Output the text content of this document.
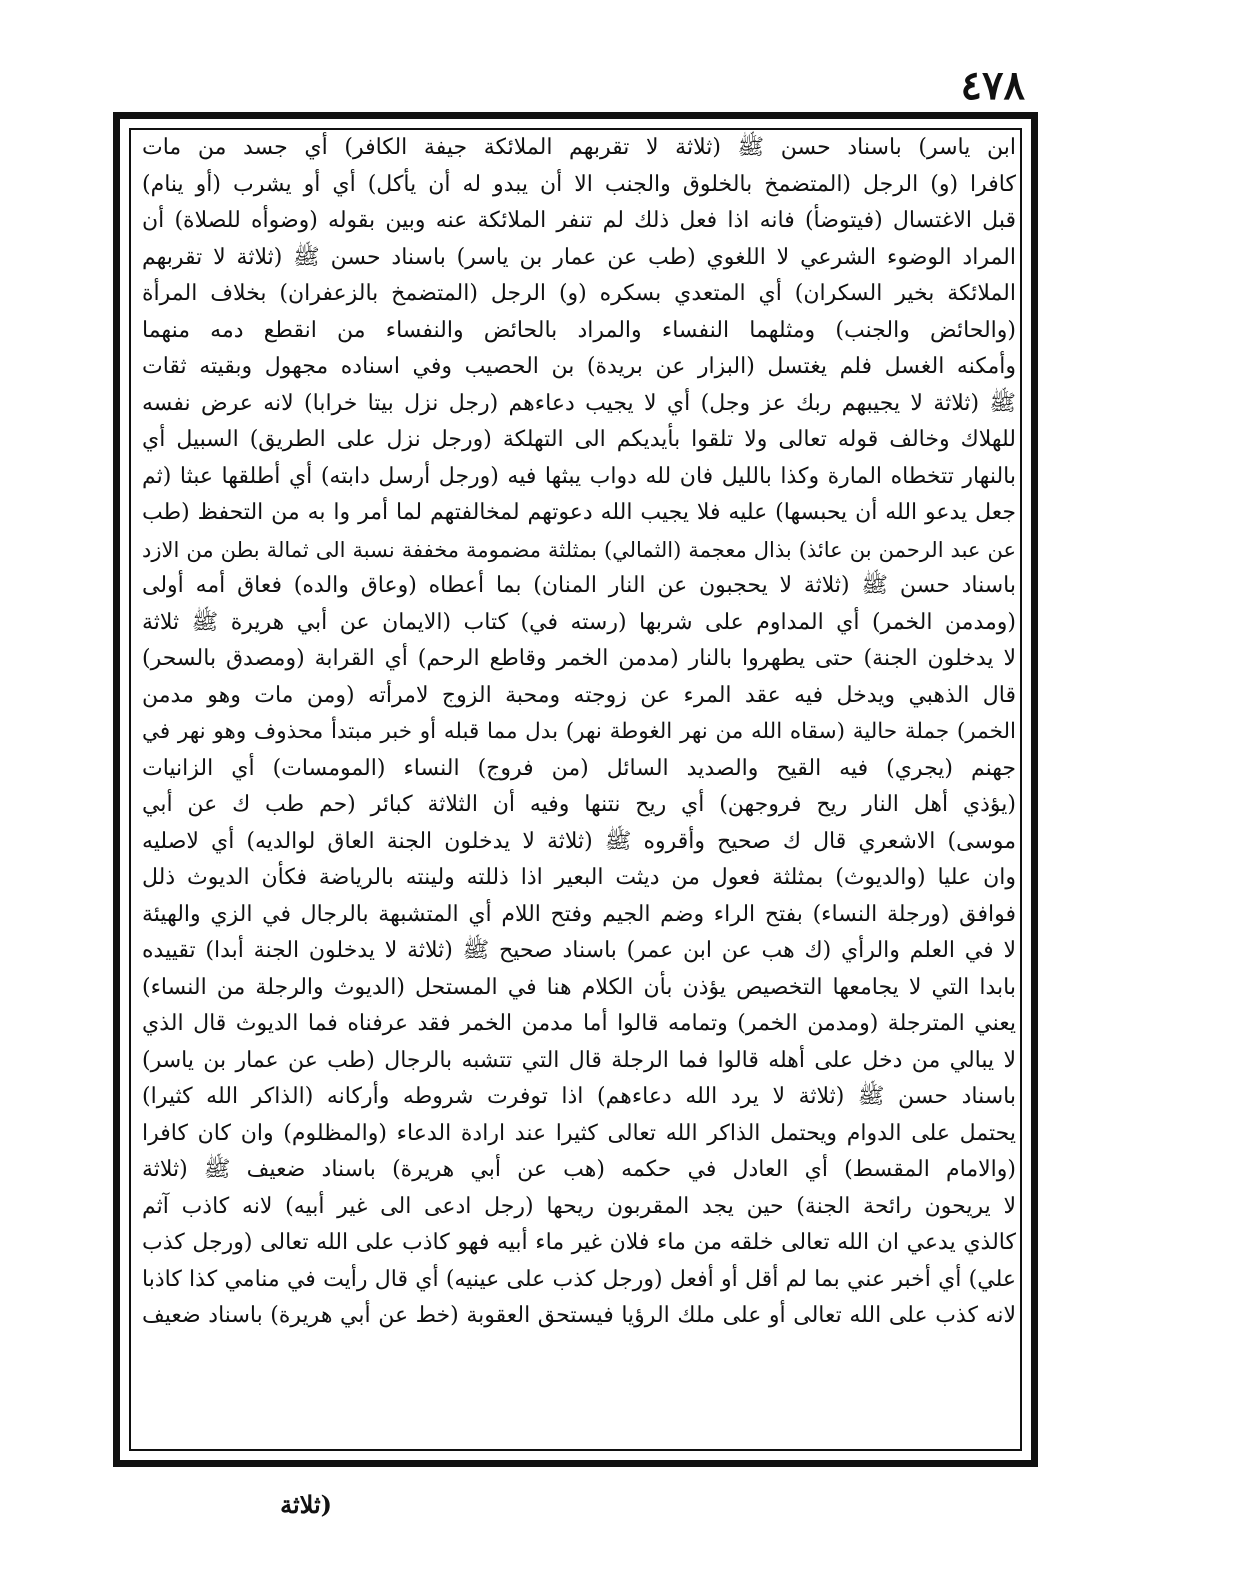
٤٧٨
ابن ياسر) باسناد حسن ﷺ (ثلاثة لا تقربهم الملائكة جيفة الكافر) أي جسد من مات
كافرا (و) الرجل (المتضمخ بالخلوق والجنب الا أن يبدو له أن يأكل) أي أو يشرب (أو ينام)
قبل الاغتسال (فيتوضأ) فانه اذا فعل ذلك لم تنفر الملائكة عنه وبين بقوله (وضوأه للصلاة) أن
المراد الوضوء الشرعي لا اللغوي (طب عن عمار بن ياسر) باسناد حسن ﷺ (ثلاثة لا تقربهم
الملائكة بخير السكران) أي المتعدي بسكره (و) الرجل (المتضمخ بالزعفران) بخلاف المرأة
(والحائض والجنب) ومثلهما النفساء والمراد بالحائض والنفساء من انقطع دمه منهما
وأمكنه الغسل فلم يغتسل (البزار عن بريدة) بن الحصيب وفي اسناده مجهول وبقيته ثقات
ﷺ (ثلاثة لا يجيبهم ربك عز وجل) أي لا يجيب دعاءهم (رجل نزل بيتا خرابا) لانه عرض نفسه
للهلاك وخالف قوله تعالى ولا تلقوا بأيديكم الى التهلكة (ورجل نزل على الطريق) السبيل أي
بالنهار تتخطاه المارة وكذا بالليل فان لله دواب يبثها فيه (ورجل أرسل دابته) أي أطلقها عبثا (ثم
جعل يدعو الله أن يحبسها) عليه فلا يجيب الله دعوتهم لمخالفتهم لما أمر وا به من التحفظ (طب
عن عبد الرحمن بن عائذ) بذال معجمة (الثمالي) بمثلثة مضمومة مخففة نسبة الى ثمالة بطن من الازد
باسناد حسن ﷺ (ثلاثة لا يحجبون عن النار المنان) بما أعطاه (وعاق والده) فعاق أمه أولى
(ومدمن الخمر) أي المداوم على شربها (رسته في) كتاب (الايمان عن أبي هريرة ﷺ ثلاثة
لا يدخلون الجنة) حتى يطهروا بالنار (مدمن الخمر وقاطع الرحم) أي القرابة (ومصدق بالسحر)
قال الذهبي ويدخل فيه عقد المرء عن زوجته ومحبة الزوج لامرأته (ومن مات وهو مدمن
الخمر) جملة حالية (سقاه الله من نهر الغوطة نهر) بدل مما قبله أو خبر مبتدأ محذوف وهو نهر في
جهنم (يجري) فيه القيح والصديد السائل (من فروج) النساء (المومسات) أي الزانيات
(يؤذي أهل النار ريح فروجهن) أي ريح نتنها وفيه أن الثلاثة كبائر (حم طب ك عن أبي
موسى) الاشعري قال ك صحيح وأقروه ﷺ (ثلاثة لا يدخلون الجنة العاق لوالديه) أي لاصليه
وان عليا (والديوث) بمثلثة فعول من ديثت البعير اذا ذللته ولينته بالرياضة فكأن الديوث ذلل
فوافق (ورجلة النساء) بفتح الراء وضم الجيم وفتح اللام أي المتشبهة بالرجال في الزي والهيئة
لا في العلم والرأي (ك هب عن ابن عمر) باسناد صحيح ﷺ (ثلاثة لا يدخلون الجنة أبدا) تقييده
بابدا التي لا يجامعها التخصيص يؤذن بأن الكلام هنا في المستحل (الديوث والرجلة من النساء)
يعني المترجلة (ومدمن الخمر) وتمامه قالوا أما مدمن الخمر فقد عرفناه فما الديوث قال الذي
لا يبالي من دخل على أهله قالوا فما الرجلة قال التي تتشبه بالرجال (طب عن عمار بن ياسر)
باسناد حسن ﷺ (ثلاثة لا يرد الله دعاءهم) اذا توفرت شروطه وأركانه (الذاكر الله كثيرا)
يحتمل على الدوام ويحتمل الذاكر الله تعالى كثيرا عند ارادة الدعاء (والمظلوم) وان كان كافرا
(والامام المقسط) أي العادل في حكمه (هب عن أبي هريرة) باسناد ضعيف ﷺ (ثلاثة
لا يريحون رائحة الجنة) حين يجد المقربون ريحها (رجل ادعى الى غير أبيه) لانه كاذب آثم
كالذي يدعي ان الله تعالى خلقه من ماء فلان غير ماء أبيه فهو كاذب على الله تعالى (ورجل كذب
علي) أي أخبر عني بما لم أقل أو أفعل (ورجل كذب على عينيه) أي قال رأيت في منامي كذا كاذبا
لانه كذب على الله تعالى أو على ملك الرؤيا فيستحق العقوبة (خط عن أبي هريرة) باسناد ضعيف
(ثلاثة
